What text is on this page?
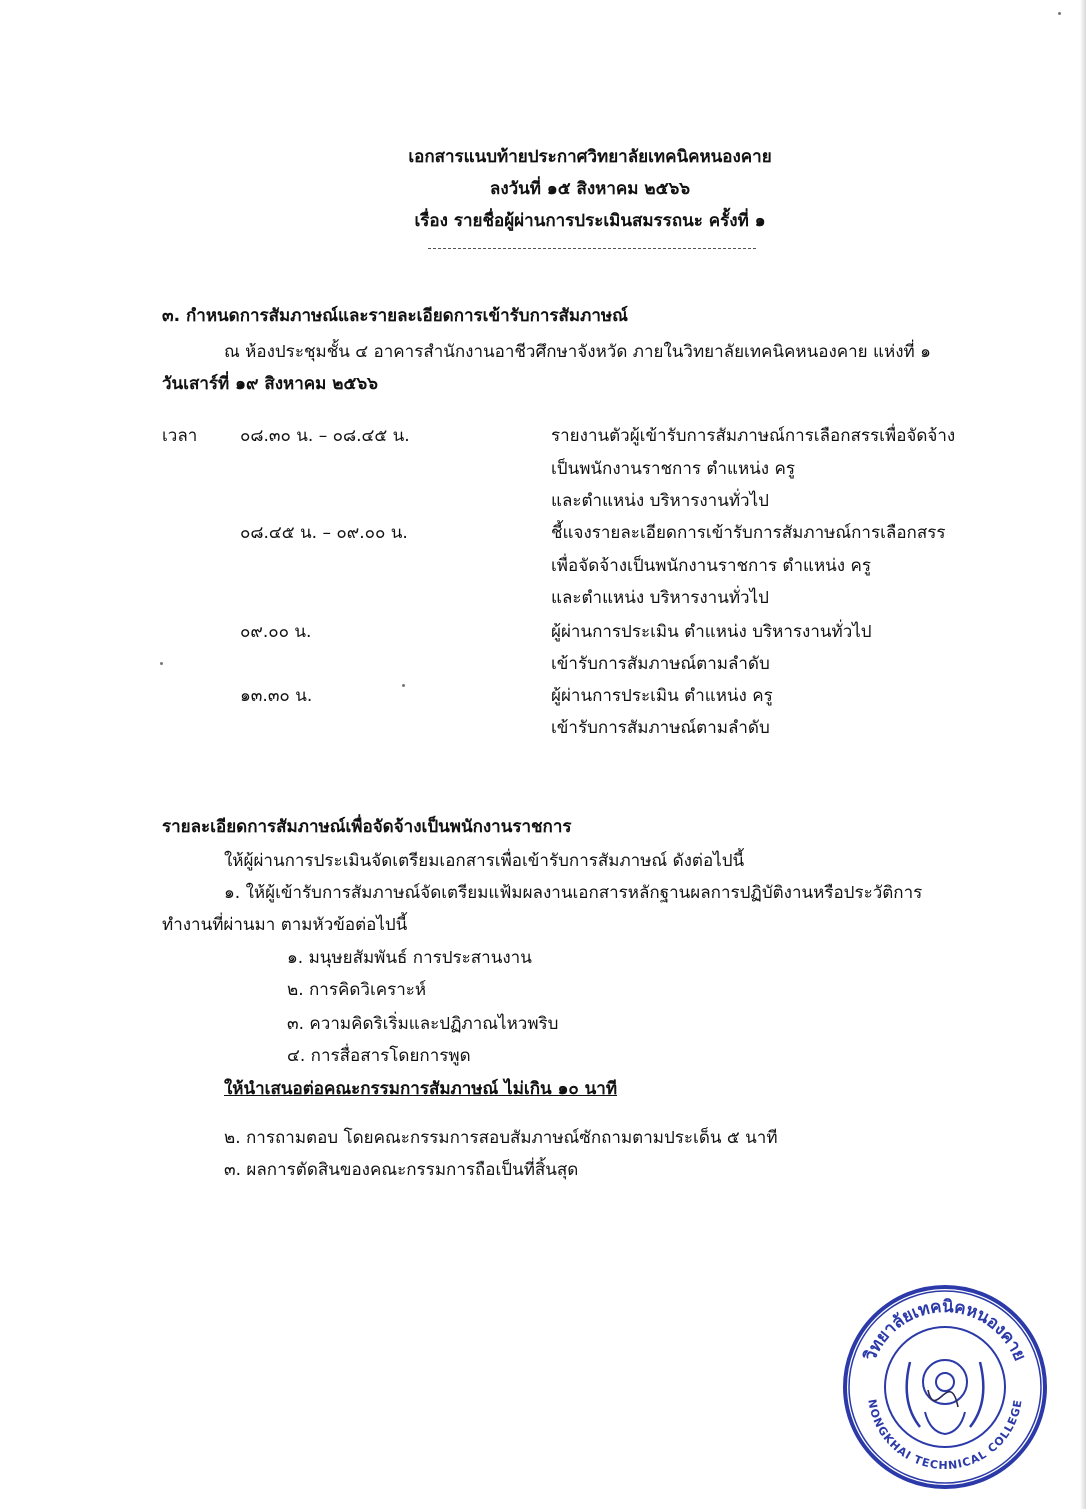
เอกสารแนบท้ายประกาศวิทยาลัยเทคนิคหนองคาย
ลงวันที่ ๑๕ สิงหาคม ๒๕๖๖
เรื่อง รายชื่อผู้ผ่านการประเมินสมรรถนะ ครั้งที่ ๑
๓. กำหนดการสัมภาษณ์และรายละเอียดการเข้ารับการสัมภาษณ์
ณ ห้องประชุมชั้น ๔ อาคารสำนักงานอาชีวศึกษาจังหวัด ภายในวิทยาลัยเทคนิคหนองคาย แห่งที่ ๑
วันเสาร์ที่ ๑๙ สิงหาคม ๒๕๖๖
เวลา	๐๘.๓๐ น. – ๐๘.๔๕ น.	รายงานตัวผู้เข้ารับการสัมภาษณ์การเลือกสรรเพื่อจัดจ้าง
เป็นพนักงานราชการ ตำแหน่ง ครู
และตำแหน่ง บริหารงานทั่วไป
๐๘.๔๕ น. – ๐๙.๐๐ น.	ชี้แจงรายละเอียดการเข้ารับการสัมภาษณ์การเลือกสรร
เพื่อจัดจ้างเป็นพนักงานราชการ ตำแหน่ง ครู
และตำแหน่ง บริหารงานทั่วไป
๐๙.๐๐ น.	ผู้ผ่านการประเมิน ตำแหน่ง บริหารงานทั่วไป
เข้ารับการสัมภาษณ์ตามลำดับ
๑๓.๓๐ น.	ผู้ผ่านการประเมิน ตำแหน่ง ครู
เข้ารับการสัมภาษณ์ตามลำดับ
รายละเอียดการสัมภาษณ์เพื่อจัดจ้างเป็นพนักงานราชการ
ให้ผู้ผ่านการประเมินจัดเตรียมเอกสารเพื่อเข้ารับการสัมภาษณ์ ดังต่อไปนี้
๑. ให้ผู้เข้ารับการสัมภาษณ์จัดเตรียมแฟ้มผลงานเอกสารหลักฐานผลการปฏิบัติงานหรือประวัติการ
ทำงานที่ผ่านมา ตามหัวข้อต่อไปนี้
๑. มนุษยสัมพันธ์ การประสานงาน
๒. การคิดวิเคราะห์
๓. ความคิดริเริ่มและปฏิภาณไหวพริบ
๔. การสื่อสารโดยการพูด
ให้นำเสนอต่อคณะกรรมการสัมภาษณ์ ไม่เกิน ๑๐ นาที
๒. การถามตอบ โดยคณะกรรมการสอบสัมภาษณ์ซักถามตามประเด็น ๕ นาที
๓. ผลการตัดสินของคณะกรรมการถือเป็นที่สิ้นสุด
วิทยาลัยเทคนิคหนองคาย
NONGKHAI TECHNICAL COLLEGE
